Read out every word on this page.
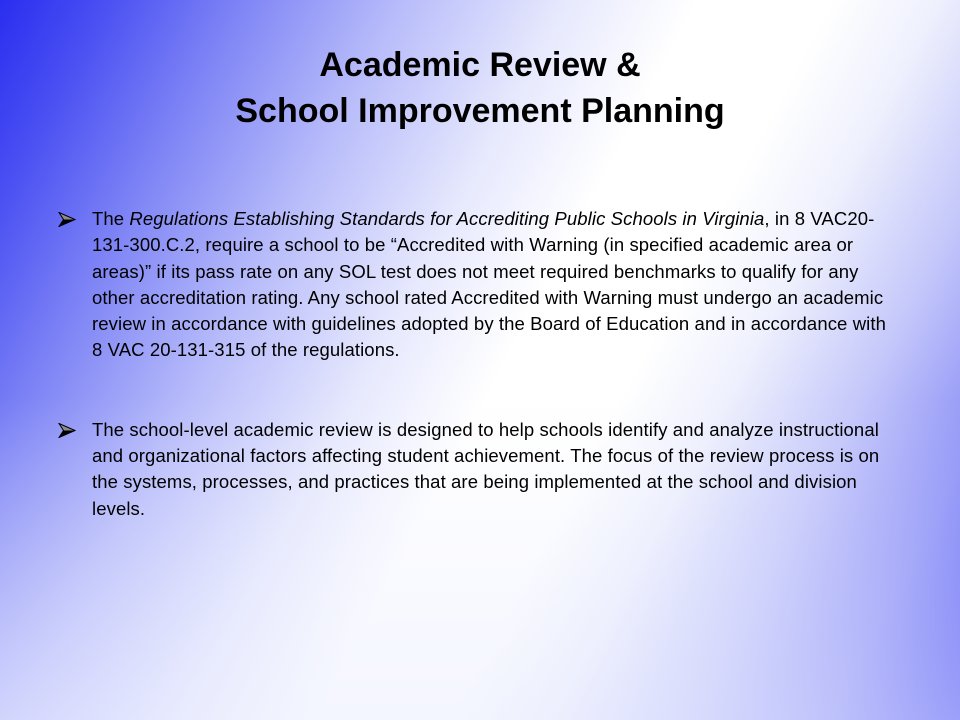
Academic Review &
School Improvement Planning
The Regulations Establishing Standards for Accrediting Public Schools in Virginia, in 8 VAC20-131-300.C.2, require a school to be “Accredited with Warning (in specified academic area or areas)” if its pass rate on any SOL test does not meet required benchmarks to qualify for any other accreditation rating. Any school rated Accredited with Warning must undergo an academic review in accordance with guidelines adopted by the Board of Education and in accordance with 8 VAC 20-131-315 of the regulations.
The school-level academic review is designed to help schools identify and analyze instructional and organizational factors affecting student achievement. The focus of the review process is on the systems, processes, and practices that are being implemented at the school and division levels.
